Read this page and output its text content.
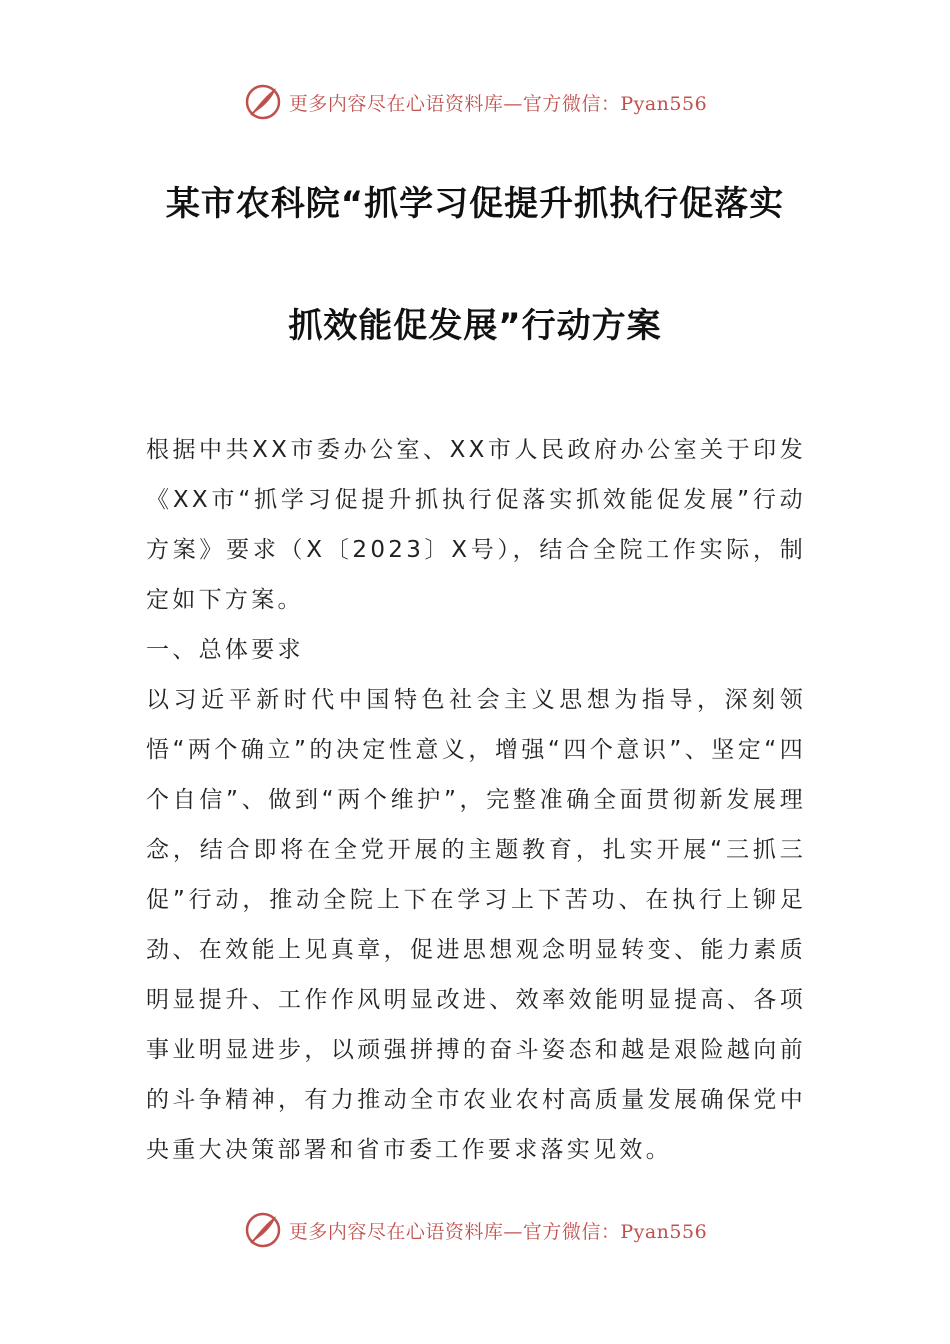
更多内容尽在心语资料库—官方微信：Pyan556
某市农科院“抓学习促提升抓执行促落实
抓效能促发展”行动方案

根据中共XX市委办公室、XX市人民政府办公室关于印发《XX市“抓学习促提升抓执行促落实抓效能促发展”行动方案》要求（X〔2023〕X号），结合全院工作实际，制定如下方案。

一、总体要求

以习近平新时代中国特色社会主义思想为指导，深刻领悟“两个确立”的决定性意义，增强“四个意识”、坚定“四个自信”、做到“两个维护”，完整准确全面贯彻新发展理念，结合即将在全党开展的主题教育，扎实开展“三抓三促”行动，推动全院上下在学习上下苦功、在执行上铆足劲、在效能上见真章，促进思想观念明显转变、能力素质明显提升、工作作风明显改进、效率效能明显提高、各项事业明显进步，以顽强拼搏的奋斗姿态和越是艰险越向前的斗争精神，有力推动全市农业农村高质量发展确保党中央重大决策部署和省市委工作要求落实见效。

更多内容尽在心语资料库—官方微信：Pyan556
